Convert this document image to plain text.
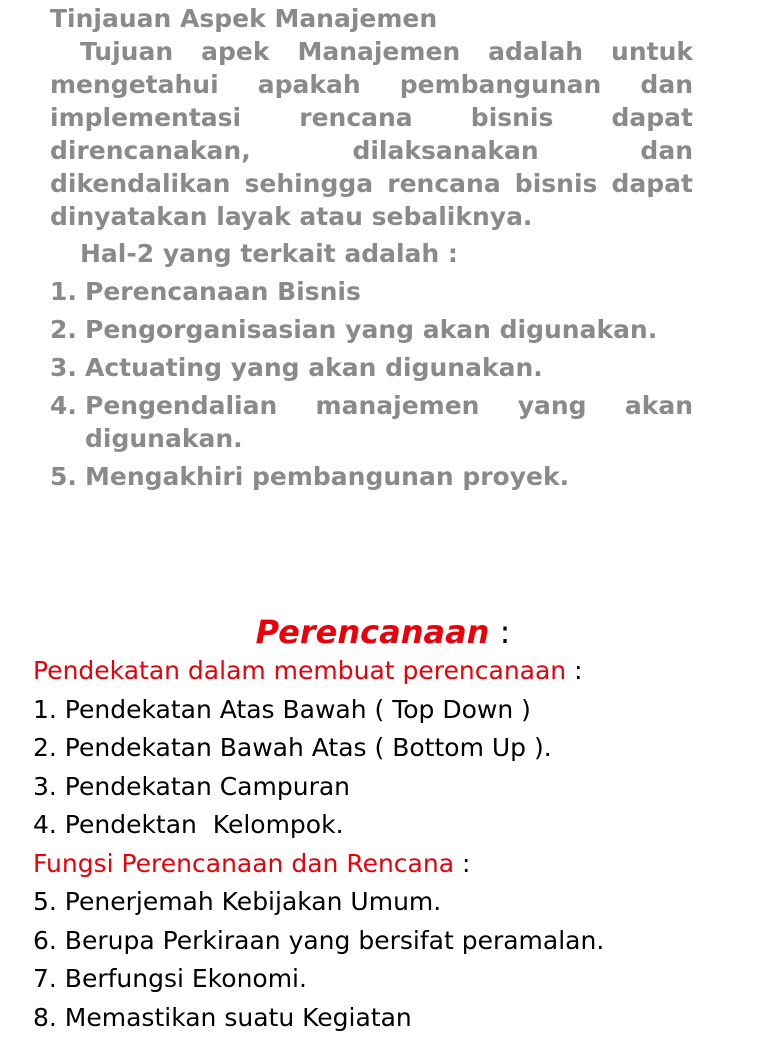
Tinjauan Aspek Manajemen

Tujuan apek Manajemen adalah untuk mengetahui apakah pembangunan dan implementasi rencana bisnis dapat direncanakan, dilaksanakan dan dikendalikan sehingga rencana bisnis dapat dinyatakan layak atau sebaliknya.

Hal-2 yang terkait adalah :

1. Perencanaan Bisnis
2. Pengorganisasian yang akan digunakan.
3. Actuating yang akan digunakan.
4. Pengendalian manajemen yang akan digunakan.
5. Mengakhiri pembangunan proyek.

Perencanaan :

Pendekatan dalam membuat perencanaan :

1. Pendekatan Atas Bawah ( Top Down )

2. Pendekatan Bawah Atas ( Bottom Up ).

3. Pendekatan Campuran

4. Pendektan  Kelompok.

Fungsi Perencanaan dan Rencana :

5. Penerjemah Kebijakan Umum.

6. Berupa Perkiraan yang bersifat peramalan.

7. Berfungsi Ekonomi.

8. Memastikan suatu Kegiatan
